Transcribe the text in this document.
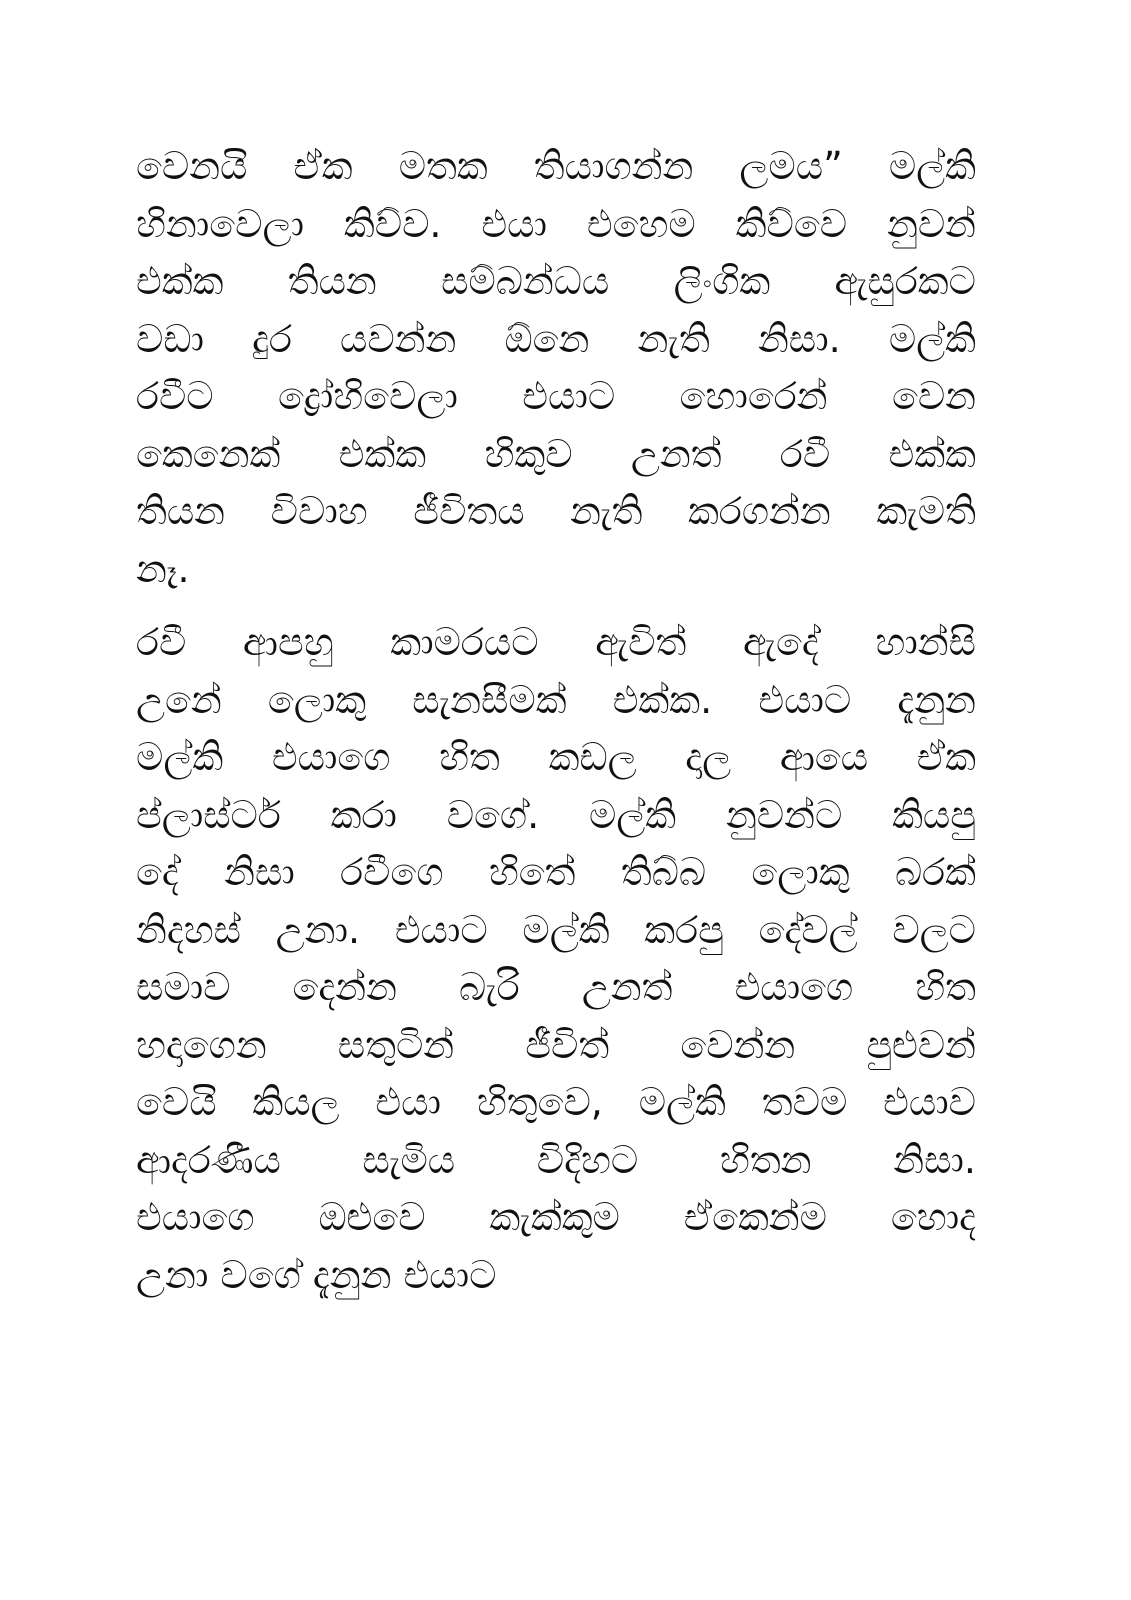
වෙනයි ඒක මතක තියාගන්න ලමය” මල්කි
හිනාවෙලා කිව්ව. එයා එහෙම කිව්වෙ නුවන්
එක්ක තියන සම්බන්ධය ලිංගික ඇසුරකට
වඩා දුර යවන්න ඕනෙ නැති නිසා. මල්කි
රවීට ද්‍රෝහිවෙලා එයාට හොරෙන් වෙන
කෙනෙක් එක්ක හිකුව උනත් රවී එක්ක
තියන විවාහ ජීවිතය නැති කරගන්න කැමති
නෑ.

රවී ආපහු කාමරයට ඇවිත් ඇදේ හාන්සි
උනේ ලොකු සැනසීමක් එක්ක. එයාට දැනුන
මල්කි එයාගෙ හිත කඩල දාල ආයෙ ඒක
ප්ලාස්ටර් කරා වගේ. මල්කි නුවන්ට කියපු
දේ නිසා රවීගෙ හිතේ තිබ්බ ලොකු බරක්
නිදහස් උනා. එයාට මල්කි කරපු දේවල් වලට
සමාව දෙන්න බැරි උනත් එයාගෙ හිත
හදාගෙන සතුටින් ජීවිත් වෙන්න පුළුවන්
වෙයි කියල එයා හිතුවෙ, මල්කි තවම එයාව
ආදරණීය සැමිය විදිහට හිතන නිසා.
එයාගෙ ඔළුවෙ කැක්කුම ඒකෙන්ම හොද
උනා වගේ දැනුන එයාට
